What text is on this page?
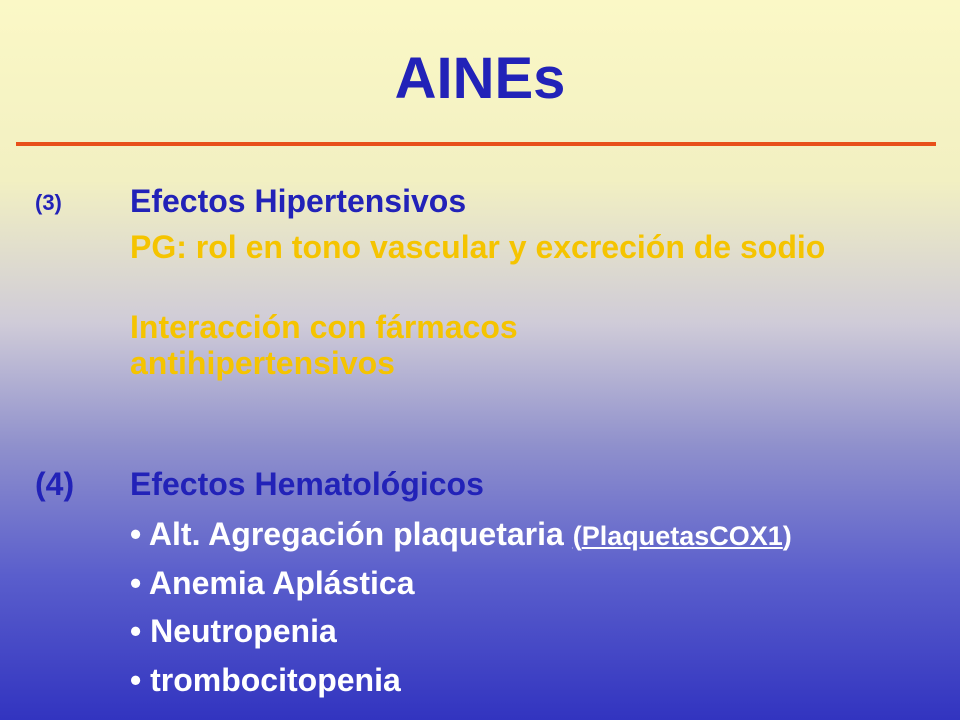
AINEs
(3) Efectos Hipertensivos
PG: rol en tono vascular y excreción de sodio
Interacción con fármacos antihipertensivos
(4) Efectos Hematológicos
• Alt. Agregación plaquetaria (PlaquetasCOX1)
• Anemia Aplástica
• Neutropenia
• trombocitopenia
